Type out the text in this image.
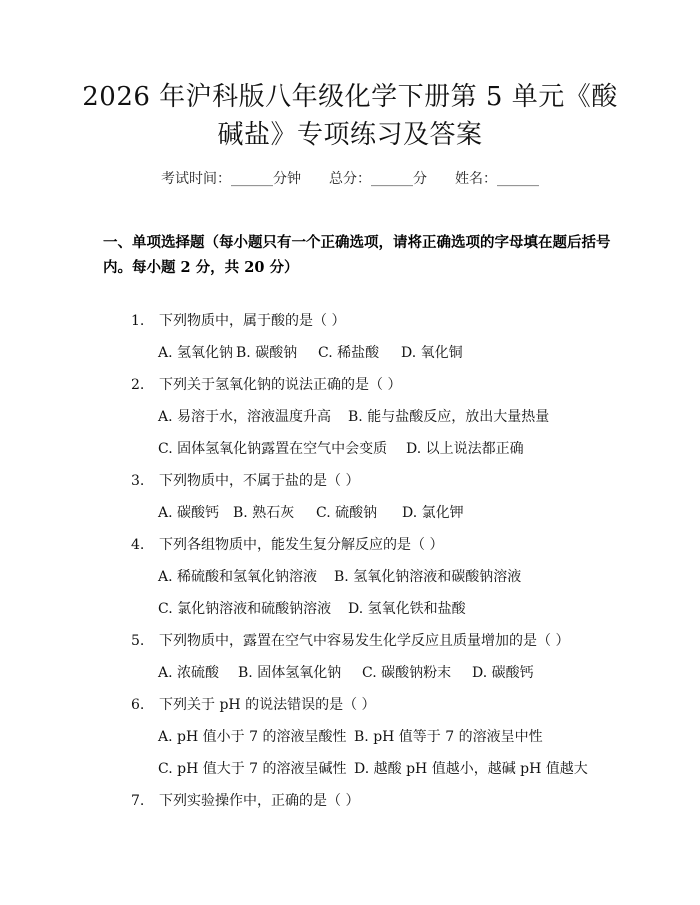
2026 年沪科版八年级化学下册第 5 单元《酸
碱盐》专项练习及答案
考试时间：______分钟 总分：______分 姓名：______
一、单项选择题（每小题只有一个正确选项，请将正确选项的字母填在题后括号内。每小题 2 分，共 20 分）
1. 下列物质中，属于酸的是（ ）
A. 氢氧化钠 B. 碳酸钠 C. 稀盐酸 D. 氧化铜
2. 下列关于氢氧化钠的说法正确的是（ ）
A. 易溶于水，溶液温度升高 B. 能与盐酸反应，放出大量热量
C. 固体氢氧化钠露置在空气中会变质 D. 以上说法都正确
3. 下列物质中，不属于盐的是（ ）
A. 碳酸钙 B. 熟石灰 C. 硫酸钠 D. 氯化钾
4. 下列各组物质中，能发生复分解反应的是（ ）
A. 稀硫酸和氢氧化钠溶液 B. 氢氧化钠溶液和碳酸钠溶液
C. 氯化钠溶液和硫酸钠溶液 D. 氢氧化铁和盐酸
5. 下列物质中，露置在空气中容易发生化学反应且质量增加的是（ ）
A. 浓硫酸 B. 固体氢氧化钠 C. 碳酸钠粉末 D. 碳酸钙
6. 下列关于 pH 的说法错误的是（ ）
A. pH 值小于 7 的溶液呈酸性 B. pH 值等于 7 的溶液呈中性
C. pH 值大于 7 的溶液呈碱性 D. 越酸 pH 值越小，越碱 pH 值越大
7. 下列实验操作中，正确的是（ ）
